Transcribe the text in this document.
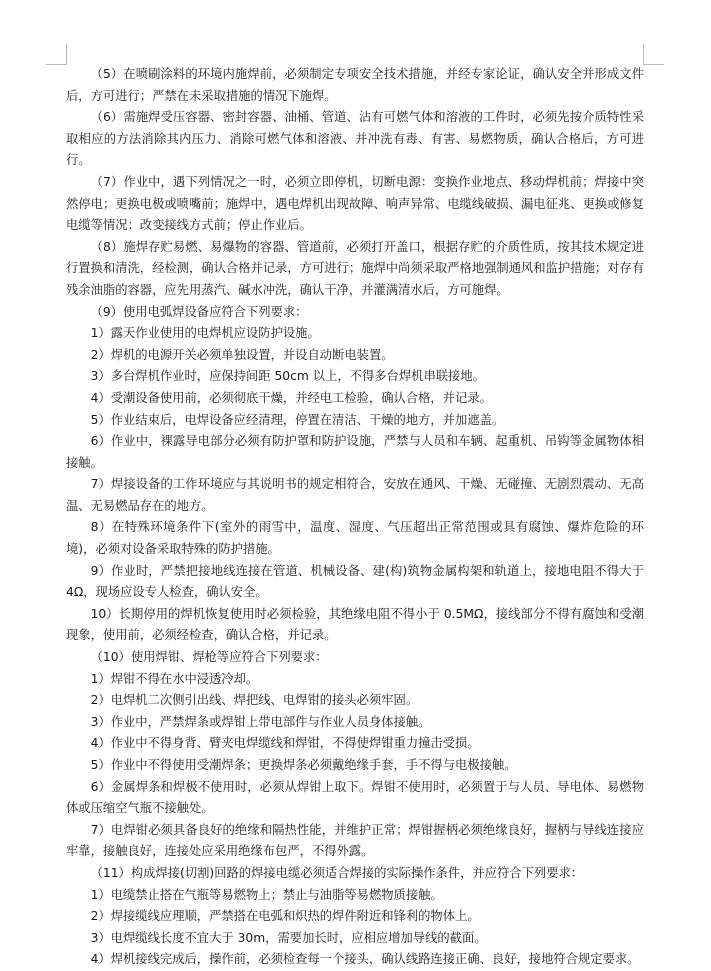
（5）在喷刷涂料的环境内施焊前，必须制定专项安全技术措施，并经专家论证，确认安全并形成文件后，方可进行；严禁在未采取措施的情况下施焊。

（6）需施焊受压容器、密封容器、油桶、管道、沾有可燃气体和溶液的工件时，必须先按介质特性采取相应的方法消除其内压力、消除可燃气体和溶液、并冲洗有毒、有害、易燃物质，确认合格后，方可进行。

（7）作业中，遇下列情况之一时，必须立即停机，切断电源：变换作业地点、移动焊机前；焊接中突然停电；更换电极或喷嘴前；施焊中，遇电焊机出现故障、响声异常、电缆线破损、漏电征兆、更换或修复电缆等情况；改变接线方式前；停止作业后。

（8）施焊存贮易燃、易爆物的容器、管道前，必须打开盖口，根据存贮的介质性质，按其技术规定进行置换和清洗，经检测，确认合格并记录，方可进行；施焊中尚须采取严格地强制通风和监护措施；对存有残余油脂的容器，应先用蒸汽、碱水冲洗，确认干净，并灌满清水后，方可施焊。

（9）使用电弧焊设备应符合下列要求：

1）露天作业使用的电焊机应设防护设施。

2）焊机的电源开关必须单独设置，并设自动断电装置。

3）多台焊机作业时，应保持间距 50cm 以上，不得多台焊机串联接地。

4）受潮设备使用前，必须彻底干燥，并经电工检验，确认合格，并记录。

5）作业结束后，电焊设备应经清理，停置在清洁、干燥的地方，并加遮盖。

6）作业中，裸露导电部分必须有防护罩和防护设施，严禁与人员和车辆、起重机、吊钩等金属物体相接触。

7）焊接设备的工作环境应与其说明书的规定相符合，安放在通风、干燥、无碰撞、无剧烈震动、无高温、无易燃品存在的地方。

8）在特殊环境条件下(室外的雨雪中，温度、湿度、气压超出正常范围或具有腐蚀、爆炸危险的环境)，必须对设备采取特殊的防护措施。

9）作业时，严禁把接地线连接在管道、机械设备、建(构)筑物金属构架和轨道上，接地电阻不得大于 4Ω，现场应设专人检查，确认安全。

10）长期停用的焊机恢复使用时必须检验，其绝缘电阻不得小于 0.5MΩ，接线部分不得有腐蚀和受潮现象，使用前，必须经检查，确认合格，并记录。

（10）使用焊钳、焊枪等应符合下列要求：

1）焊钳不得在水中浸透冷却。

2）电焊机二次侧引出线、焊把线、电焊钳的接头必须牢固。

3）作业中，严禁焊条或焊钳上带电部件与作业人员身体接触。

4）作业中不得身背、臂夹电焊缆线和焊钳，不得使焊钳重力撞击受损。

5）作业中不得使用受潮焊条；更换焊条必须戴绝缘手套，手不得与电极接触。

6）金属焊条和焊极不使用时，必须从焊钳上取下。焊钳不使用时，必须置于与人员、导电体、易燃物体或压缩空气瓶不接触处。

7）电焊钳必须具备良好的绝缘和隔热性能，并维护正常；焊钳握柄必须绝缘良好，握柄与导线连接应牢靠，接触良好，连接处应采用绝缘布包严，不得外露。

（11）构成焊接(切割)回路的焊接电缆必须适合焊接的实际操作条件，并应符合下列要求：

1）电缆禁止搭在气瓶等易燃物上；禁止与油脂等易燃物质接触。

2）焊接缆线应理顺，严禁搭在电弧和炽热的焊件附近和锋利的物体上。

3）电焊缆线长度不宜大于 30m，需要加长时，应相应增加导线的截面。

4）焊机接线完成后，操作前，必须检查每一个接头，确认线路连接正确、良好，接地符合规定要求。
